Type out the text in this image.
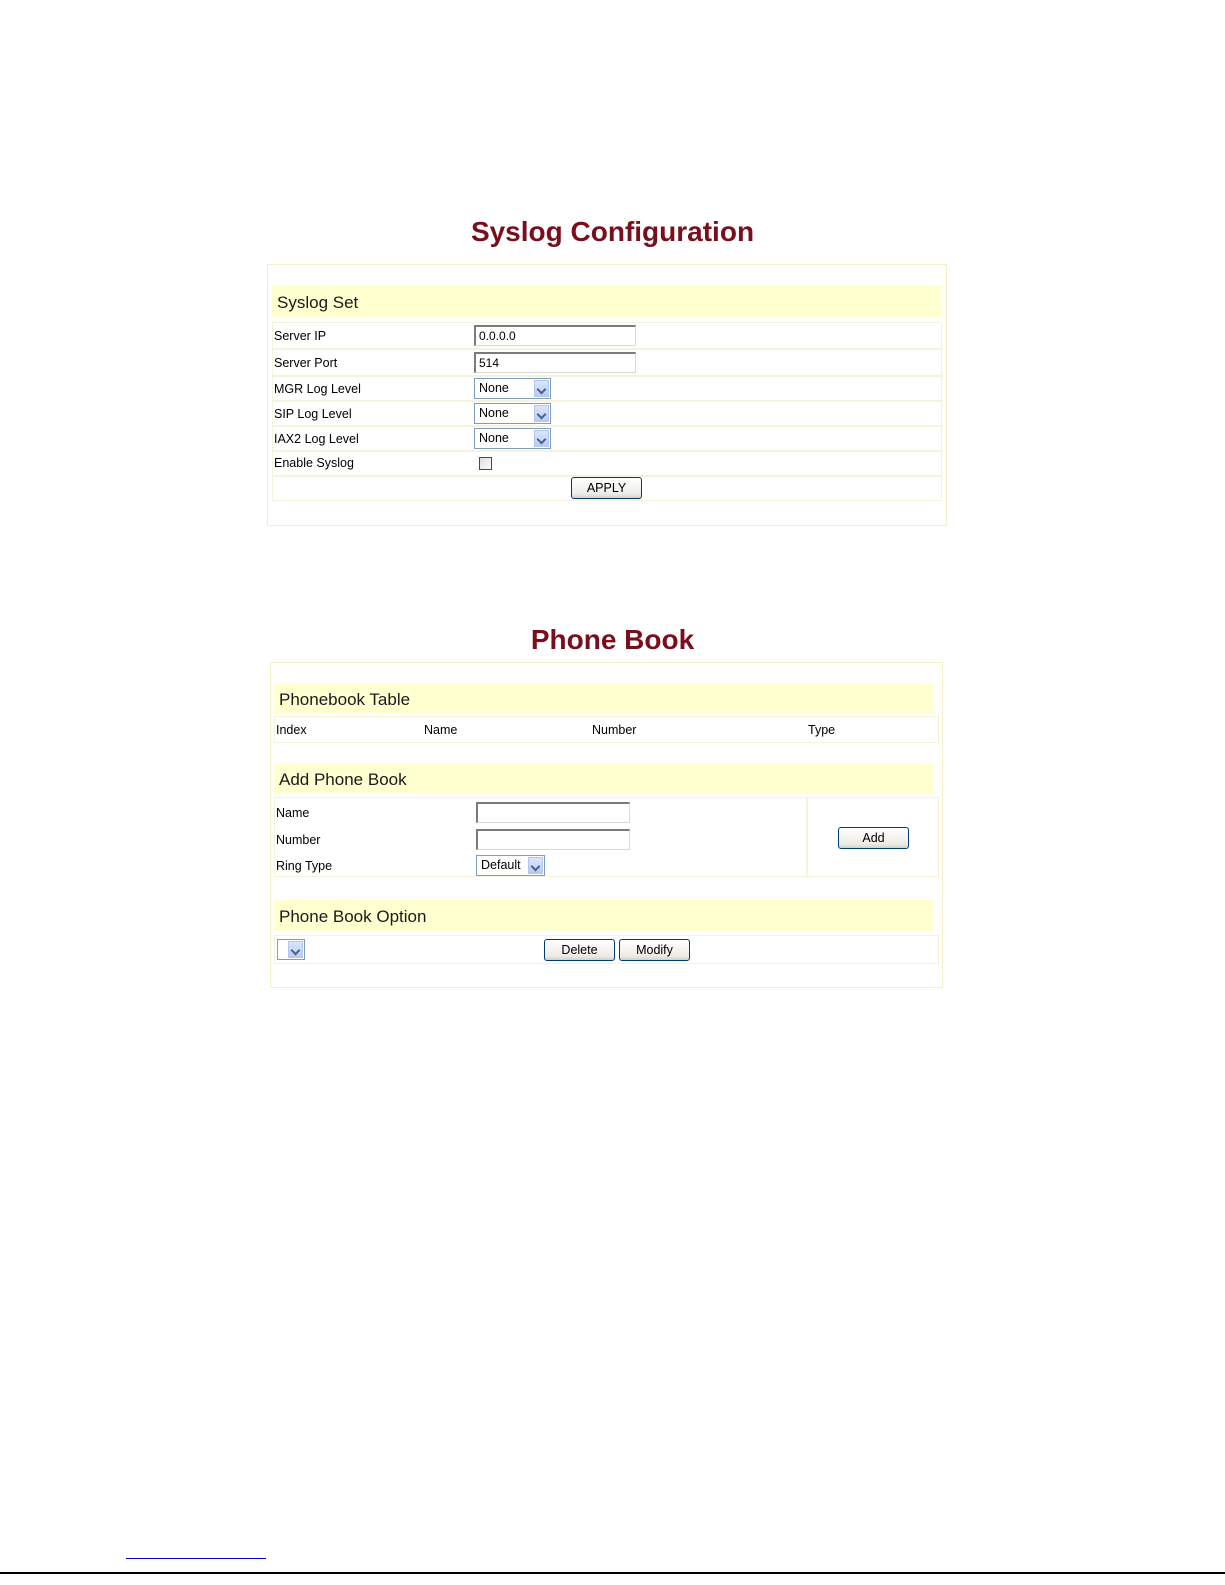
Syslog Configuration
Syslog Set
Server IP	0.0.0.0
Server Port	514
MGR Log Level	None
SIP Log Level	None
IAX2 Log Level	None
Enable Syslog
APPLY
Phone Book
Phonebook Table
Index	Name	Number	Type
Add Phone Book
Name
Number
Ring Type	Default
Add
Phone Book Option
Delete	Modify
